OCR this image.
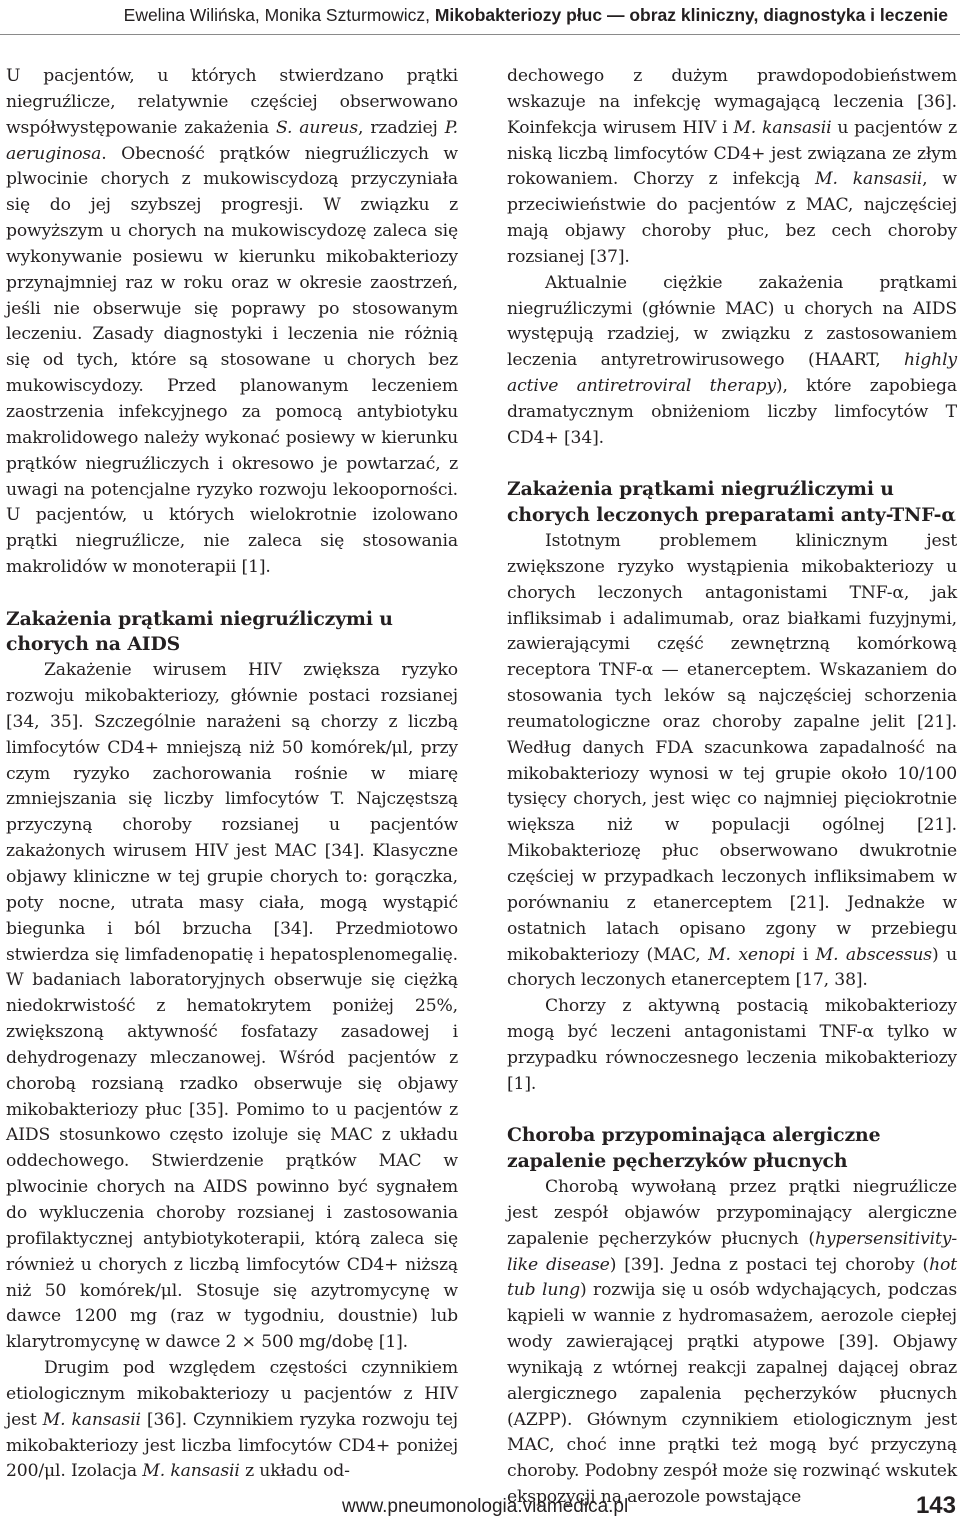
Ewelina Wilińska, Monika Szturmowicz, Mikobakteriozy płuc — obraz kliniczny, diagnostyka i leczenie

U pacjentów, u których stwierdzano prątki niegruźlicze, relatywnie częściej obserwowano współwystępowanie zakażenia S. aureus, rzadziej P. aeruginosa. Obecność prątków niegruźliczych w plwocinie chorych z mukowiscydozą przyczyniała się do jej szybszej progresji. W związku z powyższym u chorych na mukowiscydozę zaleca się wykonywanie posiewu w kierunku mikobakteriozy przynajmniej raz w roku oraz w okresie zaostrzeń, jeśli nie obserwuje się poprawy po stosowanym leczeniu. Zasady diagnostyki i leczenia nie różnią się od tych, które są stosowane u chorych bez mukowiscydozy. Przed planowanym leczeniem zaostrzenia infekcyjnego za pomocą antybiotyku makrolidowego należy wykonać posiewy w kierunku prątków niegruźliczych i okresowo je powtarzać, z uwagi na potencjalne ryzyko rozwoju lekooporności. U pacjentów, u których wielokrotnie izolowano prątki niegruźlicze, nie zaleca się stosowania makrolidów w monoterapii [1].

Zakażenia prątkami niegruźliczymi u chorych na AIDS

Zakażenie wirusem HIV zwiększa ryzyko rozwoju mikobakteriozy, głównie postaci rozsianej [34, 35]. Szczególnie narażeni są chorzy z liczbą limfocytów CD4+ mniejszą niż 50 komórek/μl, przy czym ryzyko zachorowania rośnie w miarę zmniejszania się liczby limfocytów T. Najczęstszą przyczyną choroby rozsianej u pacjentów zakażonych wirusem HIV jest MAC [34]. Klasyczne objawy kliniczne w tej grupie chorych to: gorączka, poty nocne, utrata masy ciała, mogą wystąpić biegunka i ból brzucha [34]. Przedmiotowo stwierdza się limfadenopatię i hepatosplenomegalię. W badaniach laboratoryjnych obserwuje się ciężką niedokrwistość z hematokrytem poniżej 25%, zwiększoną aktywność fosfatazy zasadowej i dehydrogenazy mleczanowej. Wśród pacjentów z chorobą rozsianą rzadko obserwuje się objawy mikobakteriozy płuc [35]. Pomimo to u pacjentów z AIDS stosunkowo często izoluje się MAC z układu oddechowego. Stwierdzenie prątków MAC w plwocinie chorych na AIDS powinno być sygnałem do wykluczenia choroby rozsianej i zastosowania profilaktycznej antybiotykoterapii, którą zaleca się również u chorych z liczbą limfocytów CD4+ niższą niż 50 komórek/μl. Stosuje się azytromycynę w dawce 1200 mg (raz w tygodniu, doustnie) lub klarytromycynę w dawce 2 × 500 mg/dobę [1].

Drugim pod względem częstości czynnikiem etiologicznym mikobakteriozy u pacjentów z HIV jest M. kansasii [36]. Czynnikiem ryzyka rozwoju tej mikobakteriozy jest liczba limfocytów CD4+ poniżej 200/μl. Izolacja M. kansasii z układu od-

dechowego z dużym prawdopodobieństwem wskazuje na infekcję wymagającą leczenia [36]. Koinfekcja wirusem HIV i M. kansasii u pacjentów z niską liczbą limfocytów CD4+ jest związana ze złym rokowaniem. Chorzy z infekcją M. kansasii, w przeciwieństwie do pacjentów z MAC, najczęściej mają objawy choroby płuc, bez cech choroby rozsianej [37].

Aktualnie ciężkie zakażenia prątkami niegruźliczymi (głównie MAC) u chorych na AIDS występują rzadziej, w związku z zastosowaniem leczenia antyretrowirusowego (HAART, highly active antiretroviral therapy), które zapobiega dramatycznym obniżeniom liczby limfocytów T CD4+ [34].

Zakażenia prątkami niegruźliczymi u chorych leczonych preparatami anty-TNF-α

Istotnym problemem klinicznym jest zwiększone ryzyko wystąpienia mikobakteriozy u chorych leczonych antagonistami TNF-α, jak infliksimab i adalimumab, oraz białkami fuzyjnymi, zawierającymi część zewnętrzną komórkową receptora TNF-α — etanerceptem. Wskazaniem do stosowania tych leków są najczęściej schorzenia reumatologiczne oraz choroby zapalne jelit [21]. Według danych FDA szacunkowa zapadalność na mikobakteriozy wynosi w tej grupie około 10/100 tysięcy chorych, jest więc co najmniej pięciokrotnie większa niż w populacji ogólnej [21]. Mikobakteriozę płuc obserwowano dwukrotnie częściej w przypadkach leczonych infliksimabem w porównaniu z etanerceptem [21]. Jednakże w ostatnich latach opisano zgony w przebiegu mikobakteriozy (MAC, M. xenopi i M. abscessus) u chorych leczonych etanerceptem [17, 38].

Chorzy z aktywną postacią mikobakteriozy mogą być leczeni antagonistami TNF-α tylko w przypadku równoczesnego leczenia mikobakteriozy [1].

Choroba przypominająca alergiczne zapalenie pęcherzyków płucnych

Chorobą wywołaną przez prątki niegruźlicze jest zespół objawów przypominający alergiczne zapalenie pęcherzyków płucnych (hypersensitivity-like disease) [39]. Jedna z postaci tej choroby (hot tub lung) rozwija się u osób wdychających, podczas kąpieli w wannie z hydromasażem, aerozole ciepłej wody zawierającej prątki atypowe [39]. Objawy wynikają z wtórnej reakcji zapalnej dającej obraz alergicznego zapalenia pęcherzyków płucnych (AZPP). Głównym czynnikiem etiologicznym jest MAC, choć inne prątki też mogą być przyczyną choroby. Podobny zespół może się rozwinąć wskutek ekspozycji na aerozole powstające

www.pneumonologia.viamedica.pl	143
